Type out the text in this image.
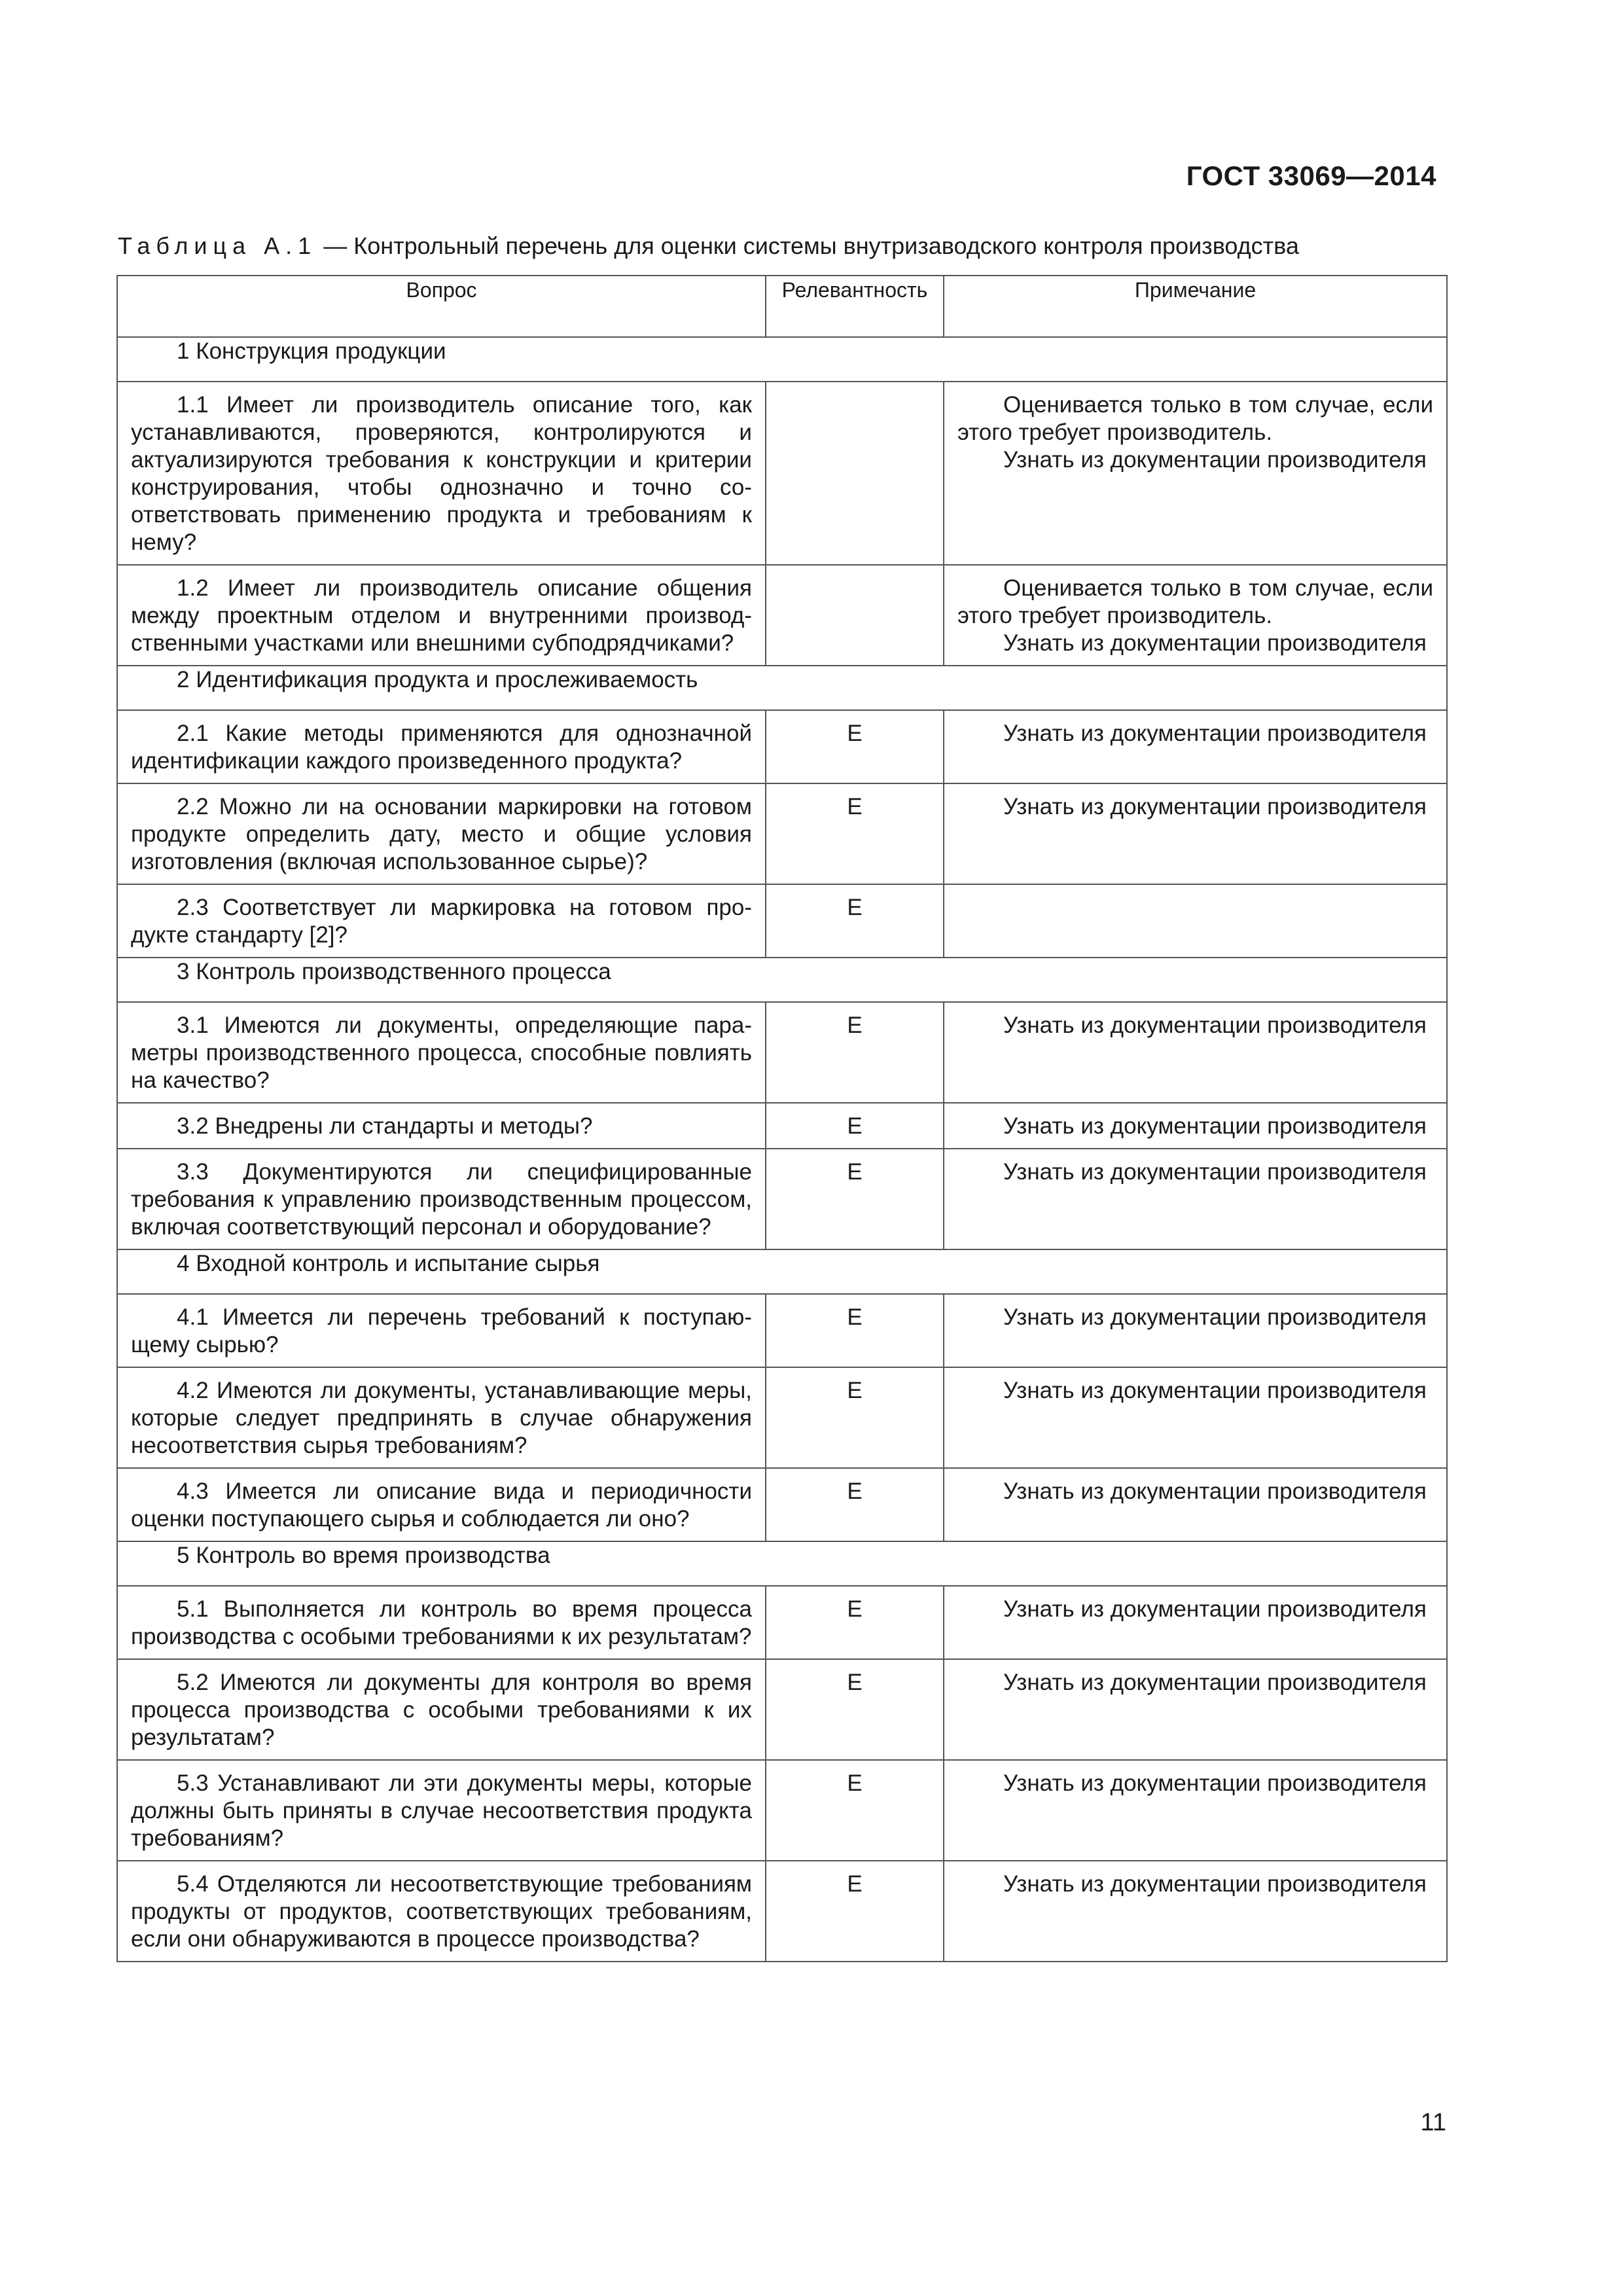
ГОСТ 33069—2014
Таблица А.1 — Контрольный перечень для оценки системы внутризаводского контроля производства
Вопрос	Релевантность	Примечание
1 Конструкция продукции		
1.1 Имеет ли производитель описание того, как устанавливаются, проверяются, контролируются и актуализируются требования к конструкции и критерии конструирования, чтобы однозначно и точно соответствовать применению продукта и требованиям к нему?		Оценивается только в том случае, если этого требует производитель.
Узнать из документации производителя

1.2 Имеет ли производитель описание общения между проектным отделом и внутренними производственными участками или внешними субподрядчиками?		Оценивается только в том случае, если этого требует производитель.
Узнать из документации производителя

2 Идентификация продукта и прослеживаемость		
2.1 Какие методы применяются для однозначной идентификации каждого произведенного продукта?	E	Узнать из документации производителя

2.2 Можно ли на основании маркировки на готовом продукте определить дату, место и общие условия изготовления (включая использованное сырье)?	E	Узнать из документации производителя

2.3 Соответствует ли маркировка на готовом продукте стандарту [2]?	E	
3 Контроль производственного процесса		
3.1 Имеются ли документы, определяющие параметры производственного процесса, способные повлиять на качество?	E	Узнать из документации производителя

3.2 Внедрены ли стандарты и методы?	E	Узнать из документации производителя

3.3 Документируются ли специфицированные требования к управлению производственным процессом, включая соответствующий персонал и оборудование?	E	Узнать из документации производителя

4 Входной контроль и испытание сырья		
4.1 Имеется ли перечень требований к поступающему сырью?	E	Узнать из документации производителя

4.2 Имеются ли документы, устанавливающие меры, которые следует предпринять в случае обнаружения несоответствия сырья требованиям?	E	Узнать из документации производителя

4.3 Имеется ли описание вида и периодичности оценки поступающего сырья и соблюдается ли оно?	E	Узнать из документации производителя

5 Контроль во время производства		
5.1 Выполняется ли контроль во время процесса производства с особыми требованиями к их результатам?	E	Узнать из документации производителя

5.2 Имеются ли документы для контроля во время процесса производства с особыми требованиями к их результатам?	E	Узнать из документации производителя

5.3 Устанавливают ли эти документы меры, которые должны быть приняты в случае несоответствия продукта требованиям?	E	Узнать из документации производителя

5.4 Отделяются ли несоответствующие требованиям продукты от продуктов, соответствующих требованиям, если они обнаруживаются в процессе производства?	E	Узнать из документации производителя
11
